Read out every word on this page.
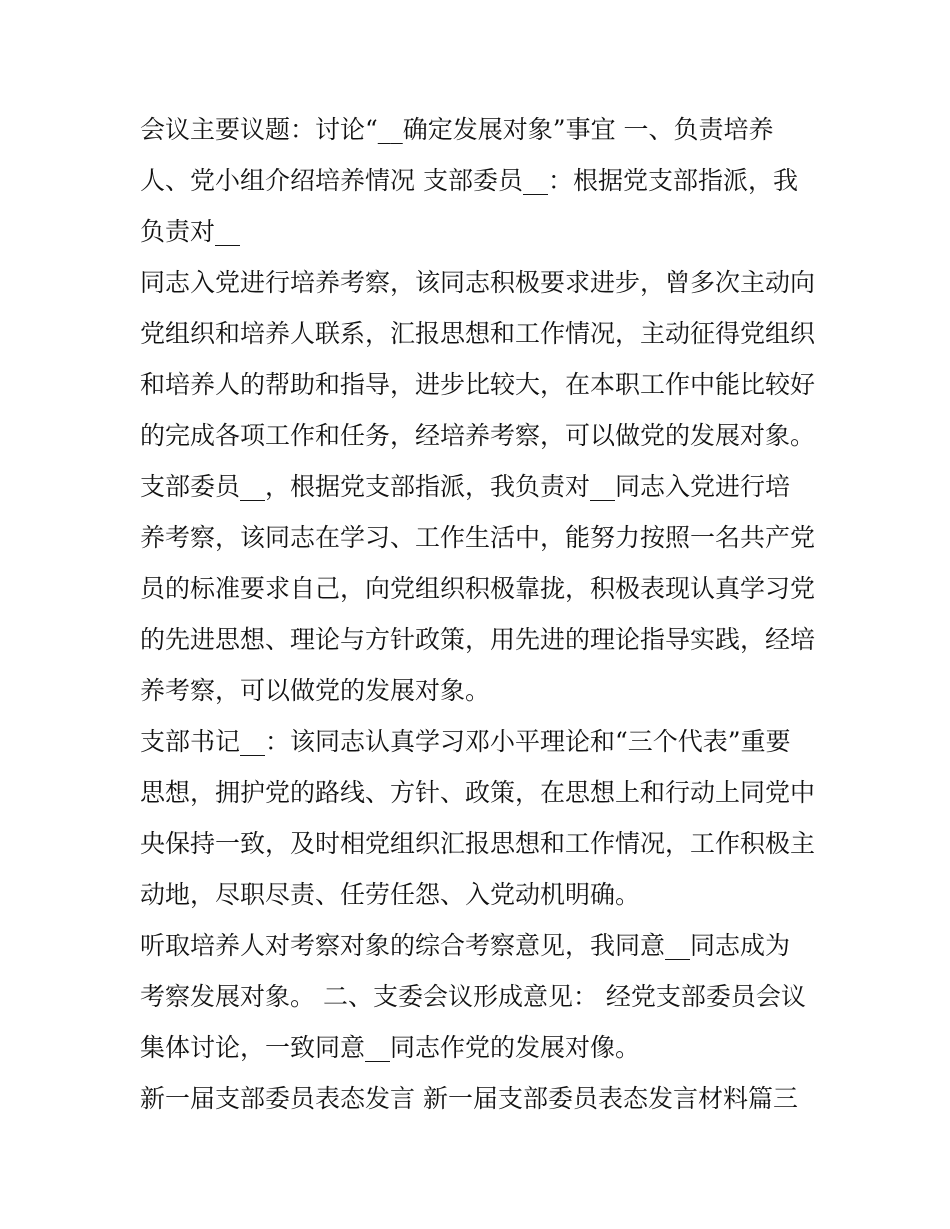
会议主要议题：讨论“__确定发展对象”事宜 一、负责培养

人、党小组介绍培养情况 支部委员__：根据党支部指派，我

负责对__

同志入党进行培养考察，该同志积极要求进步，曾多次主动向

党组织和培养人联系，汇报思想和工作情况，主动征得党组织

和培养人的帮助和指导，进步比较大，在本职工作中能比较好

的完成各项工作和任务，经培养考察，可以做党的发展对象。

支部委员__，根据党支部指派，我负责对__同志入党进行培

养考察，该同志在学习、工作生活中，能努力按照一名共产党

员的标准要求自己，向党组织积极靠拢，积极表现认真学习党

的先进思想、理论与方针政策，用先进的理论指导实践，经培

养考察，可以做党的发展对象。

支部书记__：该同志认真学习邓小平理论和“三个代表”重要

思想，拥护党的路线、方针、政策，在思想上和行动上同党中

央保持一致，及时相党组织汇报思想和工作情况，工作积极主

动地，尽职尽责、任劳任怨、入党动机明确。

听取培养人对考察对象的综合考察意见，我同意__同志成为

考察发展对象。 二、支委会议形成意见： 经党支部委员会议

集体讨论，一致同意__同志作党的发展对像。

新一届支部委员表态发言 新一届支部委员表态发言材料篇三
